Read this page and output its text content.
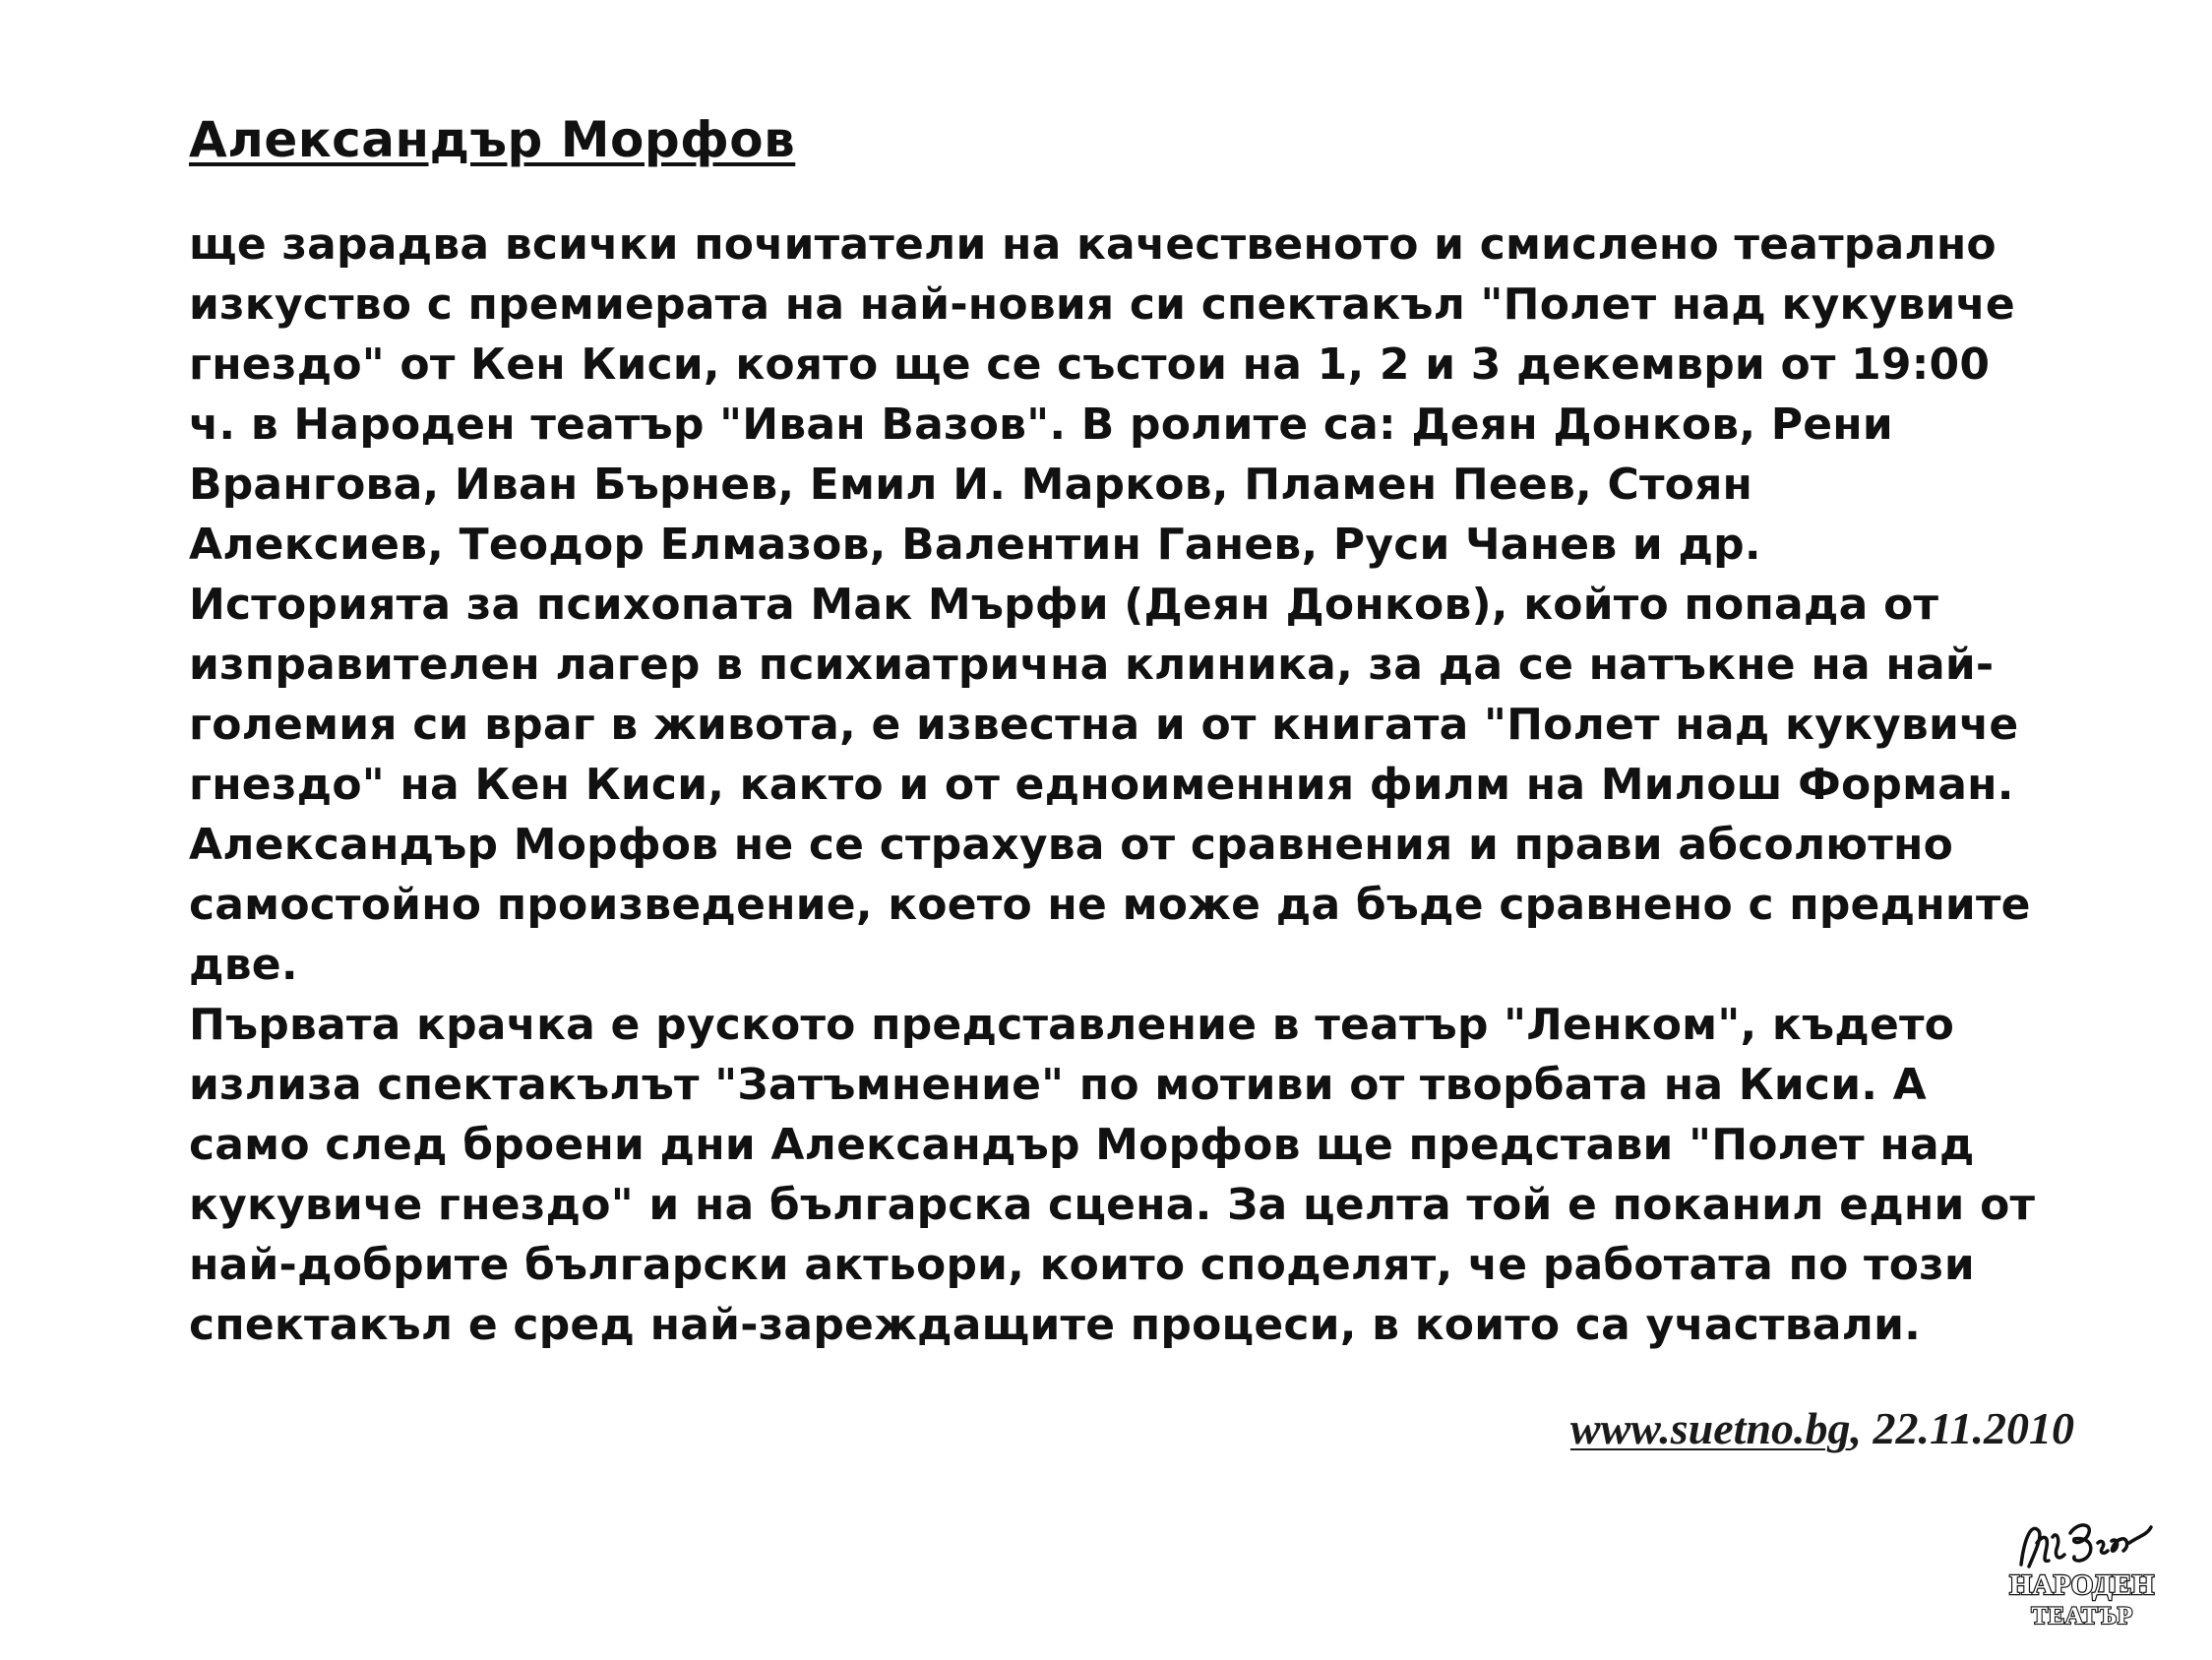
Александър Морфов
ще зарадва всички почитатели на качественото и смислено театрално
изкуство с премиерата на най-новия си спектакъл "Полет над кукувиче
гнездо" от Кен Киси, която ще се състои на 1, 2 и 3 декември от 19:00
ч. в Народен театър "Иван Вазов". В ролите са: Деян Донков, Рени
Врангова, Иван Бърнев, Емил И. Марков, Пламен Пеев, Стоян
Алексиев, Теодор Елмазов, Валентин Ганев, Руси Чанев и др.
Историята за психопата Мак Мърфи (Деян Донков), който попада от
изправителен лагер в психиатрична клиника, за да се натъкне на най-
големия си враг в живота, е известна и от книгата "Полет над кукувиче
гнездо" на Кен Киси, както и от едноименния филм на Милош Форман.
Александър Морфов не се страхува от сравнения и прави абсолютно
самостойно произведение, което не може да бъде сравнено с предните
две.
Първата крачка е руското представление в театър "Ленком", където
излиза спектакълът "Затъмнение" по мотиви от творбата на Киси. А
само след броени дни Александър Морфов ще представи "Полет над
кукувиче гнездо" и на българска сцена. За целта той е поканил едни от
най-добрите български актьори, които споделят, че работата по този
спектакъл е сред най-зареждащите процеси, в които са участвали.
www.suetno.bg, 22.11.2010
НАРОДЕН
ТЕАТЪР
